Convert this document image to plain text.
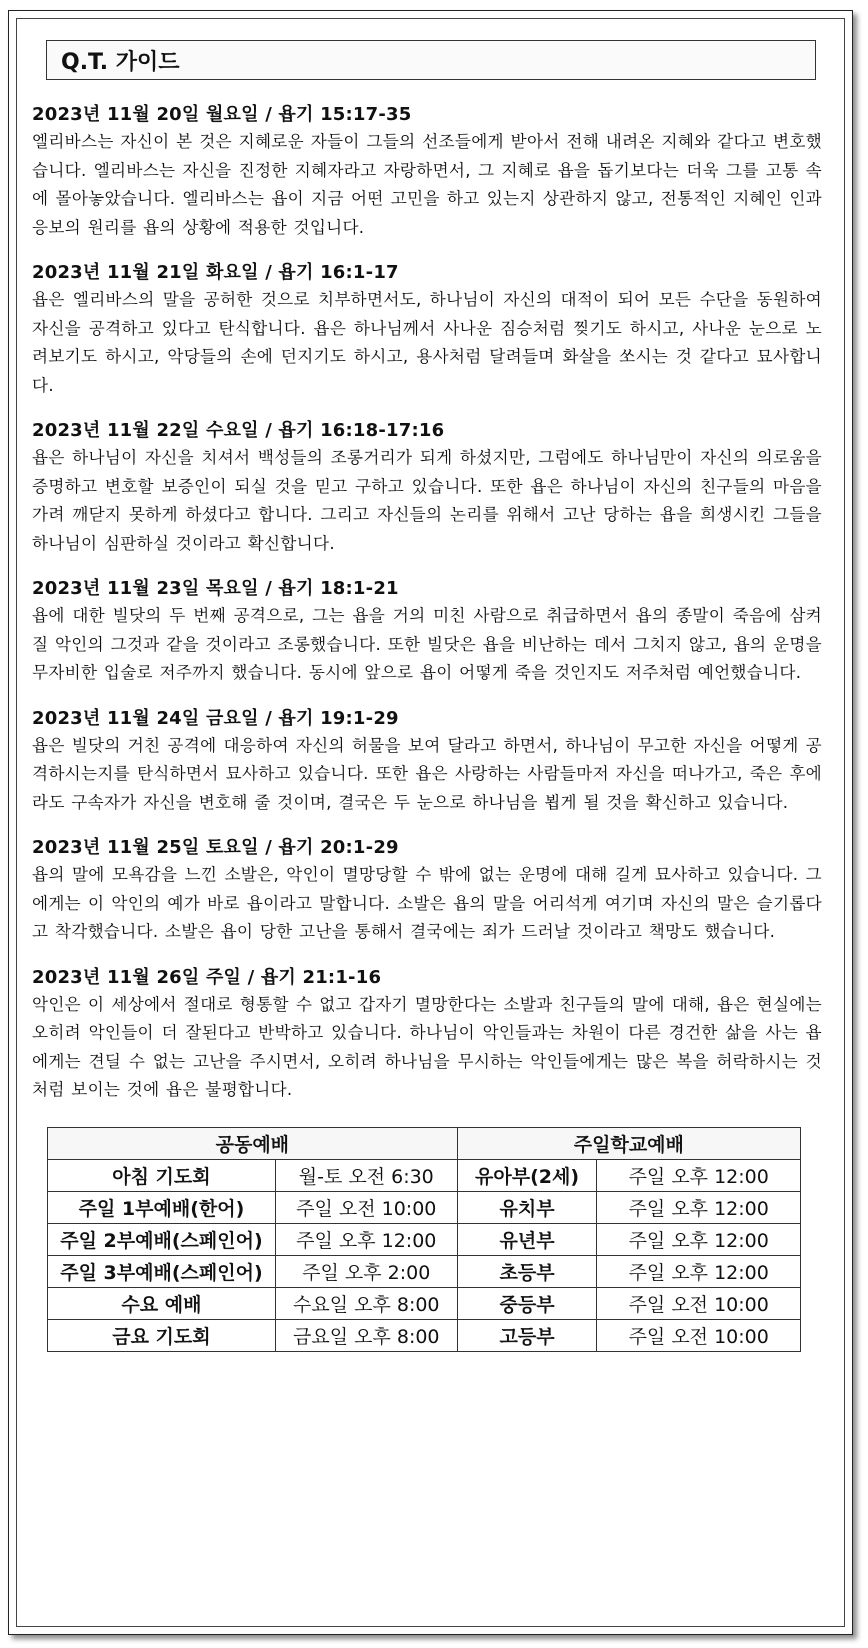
Q.T. 가이드
2023년 11월 20일 월요일 / 욥기 15:17-35
엘리바스는 자신이 본 것은 지혜로운 자들이 그들의 선조들에게 받아서 전해 내려온 지혜와 같다고 변호했습니다. 엘리바스는 자신을 진정한 지혜자라고 자랑하면서, 그 지혜로 욥을 돕기보다는 더욱 그를 고통 속에 몰아놓았습니다. 엘리바스는 욥이 지금 어떤 고민을 하고 있는지 상관하지 않고, 전통적인 지혜인 인과응보의 원리를 욥의 상황에 적용한 것입니다.
2023년 11월 21일 화요일 / 욥기 16:1-17
욥은 엘리바스의 말을 공허한 것으로 치부하면서도, 하나님이 자신의 대적이 되어 모든 수단을 동원하여 자신을 공격하고 있다고 탄식합니다. 욥은 하나님께서 사나운 짐승처럼 찢기도 하시고, 사나운 눈으로 노려보기도 하시고, 악당들의 손에 던지기도 하시고, 용사처럼 달려들며 화살을 쏘시는 것 같다고 묘사합니다.
2023년 11월 22일 수요일 / 욥기 16:18-17:16
욥은 하나님이 자신을 치셔서 백성들의 조롱거리가 되게 하셨지만, 그럼에도 하나님만이 자신의 의로움을 증명하고 변호할 보증인이 되실 것을 믿고 구하고 있습니다. 또한 욥은 하나님이 자신의 친구들의 마음을 가려 깨닫지 못하게 하셨다고 합니다. 그리고 자신들의 논리를 위해서 고난 당하는 욥을 희생시킨 그들을 하나님이 심판하실 것이라고 확신합니다.
2023년 11월 23일 목요일 / 욥기 18:1-21
욥에 대한 빌닷의 두 번째 공격으로, 그는 욥을 거의 미친 사람으로 취급하면서 욥의 종말이 죽음에 삼켜질 악인의 그것과 같을 것이라고 조롱했습니다. 또한 빌닷은 욥을 비난하는 데서 그치지 않고, 욥의 운명을 무자비한 입술로 저주까지 했습니다. 동시에 앞으로 욥이 어떻게 죽을 것인지도 저주처럼 예언했습니다.
2023년 11월 24일 금요일 / 욥기 19:1-29
욥은 빌닷의 거친 공격에 대응하여 자신의 허물을 보여 달라고 하면서, 하나님이 무고한 자신을 어떻게 공격하시는지를 탄식하면서 묘사하고 있습니다. 또한 욥은 사랑하는 사람들마저 자신을 떠나가고, 죽은 후에라도 구속자가 자신을 변호해 줄 것이며, 결국은 두 눈으로 하나님을 뵙게 될 것을 확신하고 있습니다.
2023년 11월 25일 토요일 / 욥기 20:1-29
욥의 말에 모욕감을 느낀 소발은, 악인이 멸망당할 수 밖에 없는 운명에 대해 길게 묘사하고 있습니다. 그에게는 이 악인의 예가 바로 욥이라고 말합니다. 소발은 욥의 말을 어리석게 여기며 자신의 말은 슬기롭다고 착각했습니다. 소발은 욥이 당한 고난을 통해서 결국에는 죄가 드러날 것이라고 책망도 했습니다.
2023년 11월 26일 주일 / 욥기 21:1-16
악인은 이 세상에서 절대로 형통할 수 없고 갑자기 멸망한다는 소발과 친구들의 말에 대해, 욥은 현실에는 오히려 악인들이 더 잘된다고 반박하고 있습니다. 하나님이 악인들과는 차원이 다른 경건한 삶을 사는 욥에게는 견딜 수 없는 고난을 주시면서, 오히려 하나님을 무시하는 악인들에게는 많은 복을 허락하시는 것처럼 보이는 것에 욥은 불평합니다.
공동예배		주일학교예배	
아침 기도회	월-토 오전 6:30	유아부(2세)	주일 오후 12:00
주일 1부예배(한어)	주일 오전 10:00	유치부	주일 오후 12:00
주일 2부예배(스페인어)	주일 오후 12:00	유년부	주일 오후 12:00
주일 3부예배(스페인어)	주일 오후 2:00	초등부	주일 오후 12:00
수요 예배	수요일 오후 8:00	중등부	주일 오전 10:00
금요 기도회	금요일 오후 8:00	고등부	주일 오전 10:00
